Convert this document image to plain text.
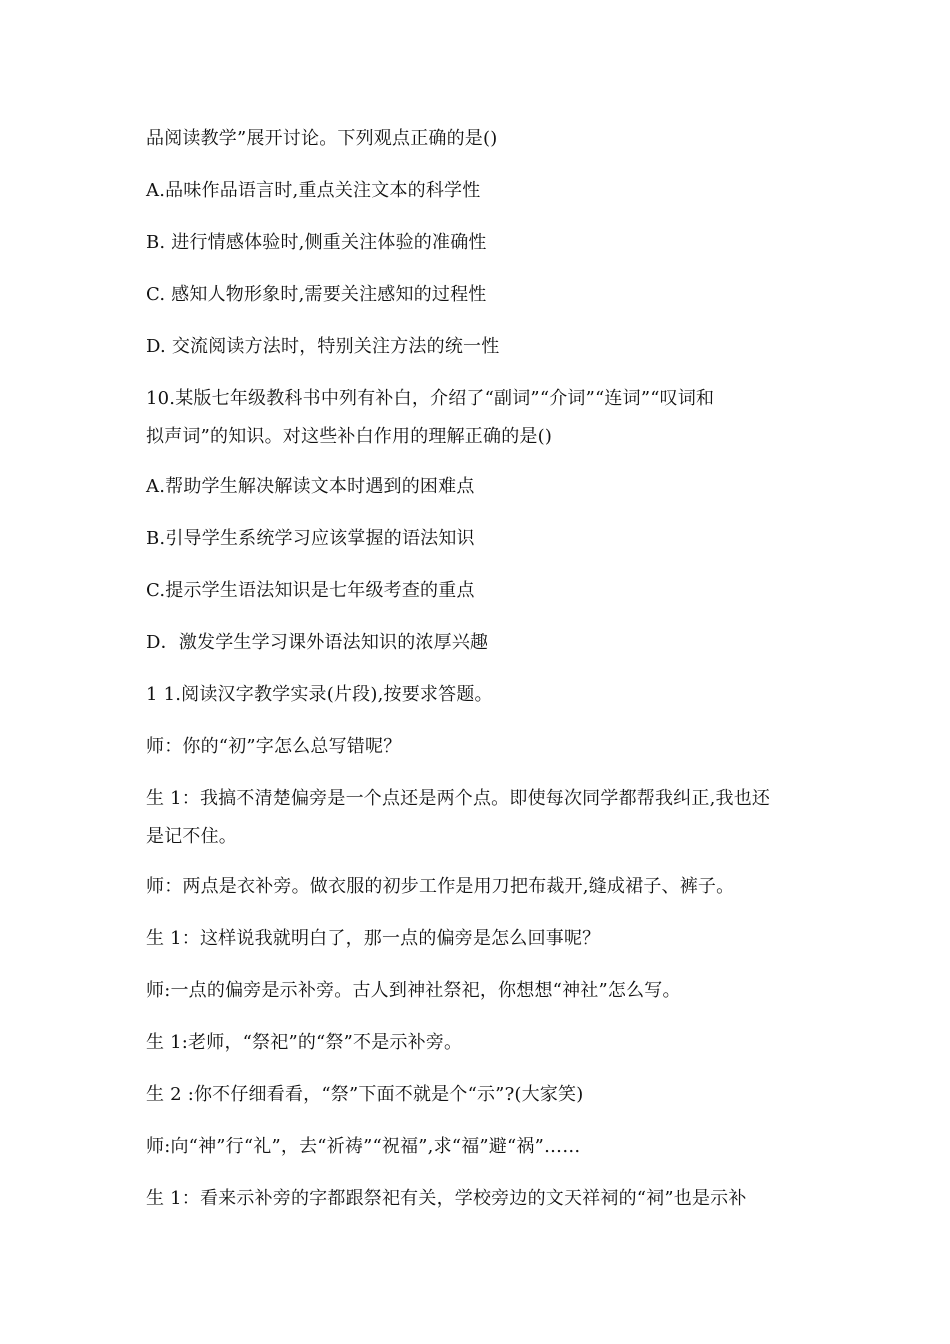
品阅读教学”展开讨论。下列观点正确的是()
A.品味作品语言时,重点关注文本的科学性
B. 进行情感体验时,侧重关注体验的准确性
C. 感知人物形象时,需要关注感知的过程性
D. 交流阅读方法时，特别关注方法的统一性
10.某版七年级教科书中列有补白，介绍了“副词”“介词”“连词”“叹词和
拟声词”的知识。对这些补白作用的理解正确的是()
A.帮助学生解决解读文本时遇到的困难点
B.引导学生系统学习应该掌握的语法知识
C.提示学生语法知识是七年级考查的重点
D．激发学生学习课外语法知识的浓厚兴趣
1 1.阅读汉字教学实录(片段),按要求答题。
师：你的“初”字怎么总写错呢？
生 1：我搞不清楚偏旁是一个点还是两个点。即使每次同学都帮我纠正,我也还
是记不住。
师：两点是衣补旁。做衣服的初步工作是用刀把布裁开,缝成裙子、裤子。
生 1：这样说我就明白了，那一点的偏旁是怎么回事呢？
师:一点的偏旁是示补旁。古人到神社祭祀，你想想“神社”怎么写。
生 1:老师，“祭祀”的“祭”不是示补旁。
生 2 :你不仔细看看，“祭”下面不就是个“示”?(大家笑)
师:向“神”行“礼”，去“祈祷”“祝福”,求“福”避“祸”……
生 1：看来示补旁的字都跟祭祀有关，学校旁边的文天祥祠的“祠”也是示补
